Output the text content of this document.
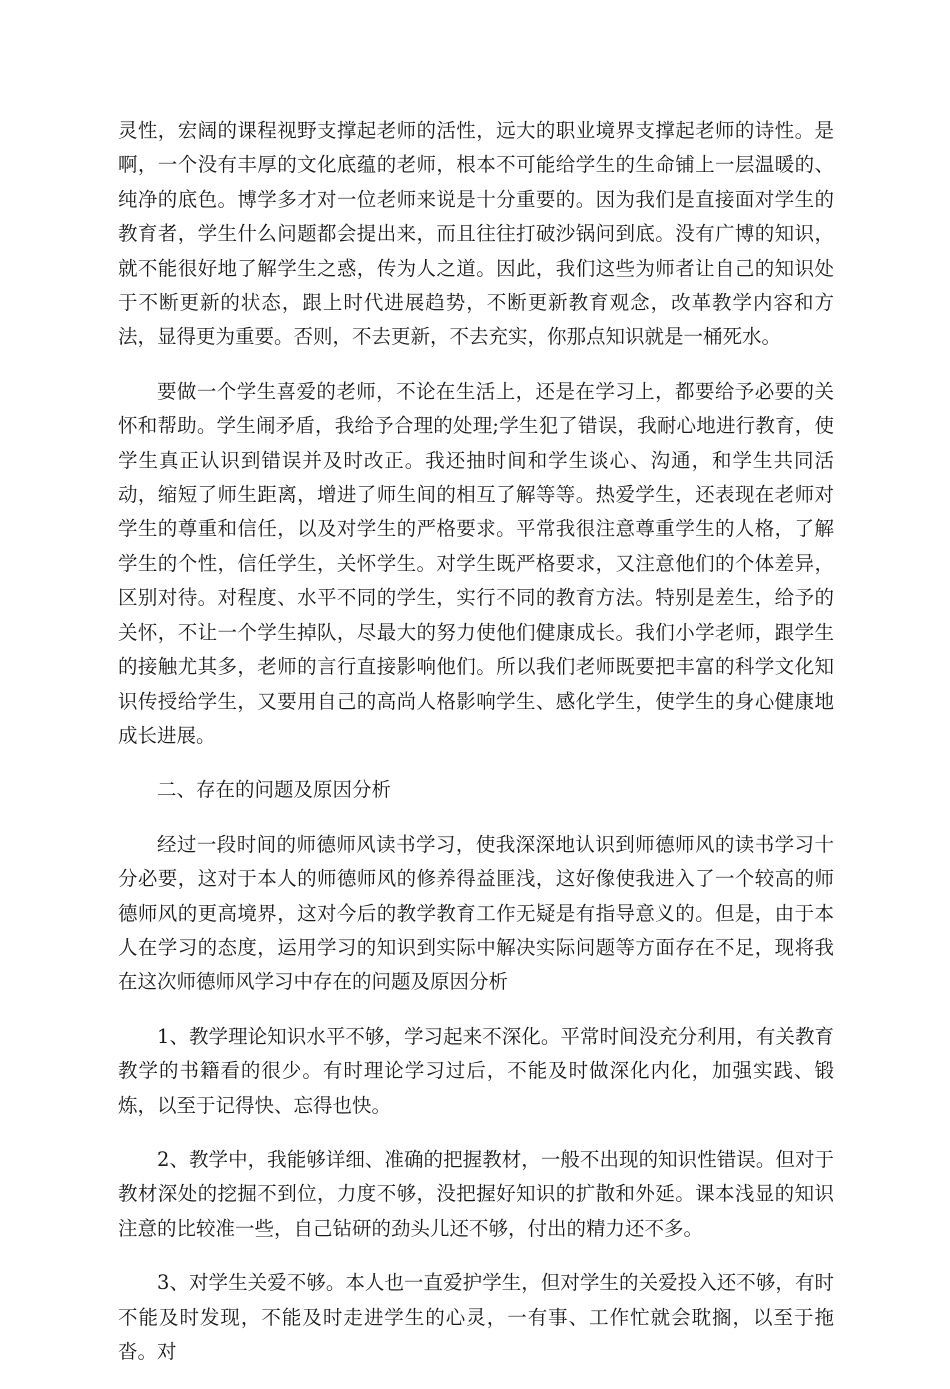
灵性，宏阔的课程视野支撑起老师的活性，远大的职业境界支撑起老师的诗性。是啊，一个没有丰厚的文化底蕴的老师，根本不可能给学生的生命铺上一层温暖的、纯净的底色。博学多才对一位老师来说是十分重要的。因为我们是直接面对学生的教育者，学生什么问题都会提出来，而且往往打破沙锅问到底。没有广博的知识，就不能很好地了解学生之惑，传为人之道。因此，我们这些为师者让自己的知识处于不断更新的状态，跟上时代进展趋势，不断更新教育观念，改革教学内容和方法，显得更为重要。否则，不去更新，不去充实，你那点知识就是一桶死水。

要做一个学生喜爱的老师，不论在生活上，还是在学习上，都要给予必要的关怀和帮助。学生闹矛盾，我给予合理的处理;学生犯了错误，我耐心地进行教育，使学生真正认识到错误并及时改正。我还抽时间和学生谈心、沟通，和学生共同活动，缩短了师生距离，增进了师生间的相互了解等等。热爱学生，还表现在老师对学生的尊重和信任，以及对学生的严格要求。平常我很注意尊重学生的人格，了解学生的个性，信任学生，关怀学生。对学生既严格要求，又注意他们的个体差异，区别对待。对程度、水平不同的学生，实行不同的教育方法。特别是差生，给予的关怀，不让一个学生掉队，尽最大的努力使他们健康成长。我们小学老师，跟学生的接触尤其多，老师的言行直接影响他们。所以我们老师既要把丰富的科学文化知识传授给学生，又要用自己的高尚人格影响学生、感化学生，使学生的身心健康地成长进展。

二、存在的问题及原因分析

经过一段时间的师德师风读书学习，使我深深地认识到师德师风的读书学习十分必要，这对于本人的师德师风的修养得益匪浅，这好像使我进入了一个较高的师德师风的更高境界，这对今后的教学教育工作无疑是有指导意义的。但是，由于本人在学习的态度，运用学习的知识到实际中解决实际问题等方面存在不足，现将我在这次师德师风学习中存在的问题及原因分析

1、教学理论知识水平不够，学习起来不深化。平常时间没充分利用，有关教育教学的书籍看的很少。有时理论学习过后，不能及时做深化内化，加强实践、锻炼，以至于记得快、忘得也快。

2、教学中，我能够详细、准确的把握教材，一般不出现的知识性错误。但对于教材深处的挖掘不到位，力度不够，没把握好知识的扩散和外延。课本浅显的知识注意的比较准一些，自己钻研的劲头儿还不够，付出的精力还不多。

3、对学生关爱不够。本人也一直爱护学生，但对学生的关爱投入还不够，有时不能及时发现，不能及时走进学生的心灵，一有事、工作忙就会耽搁，以至于拖沓。对
